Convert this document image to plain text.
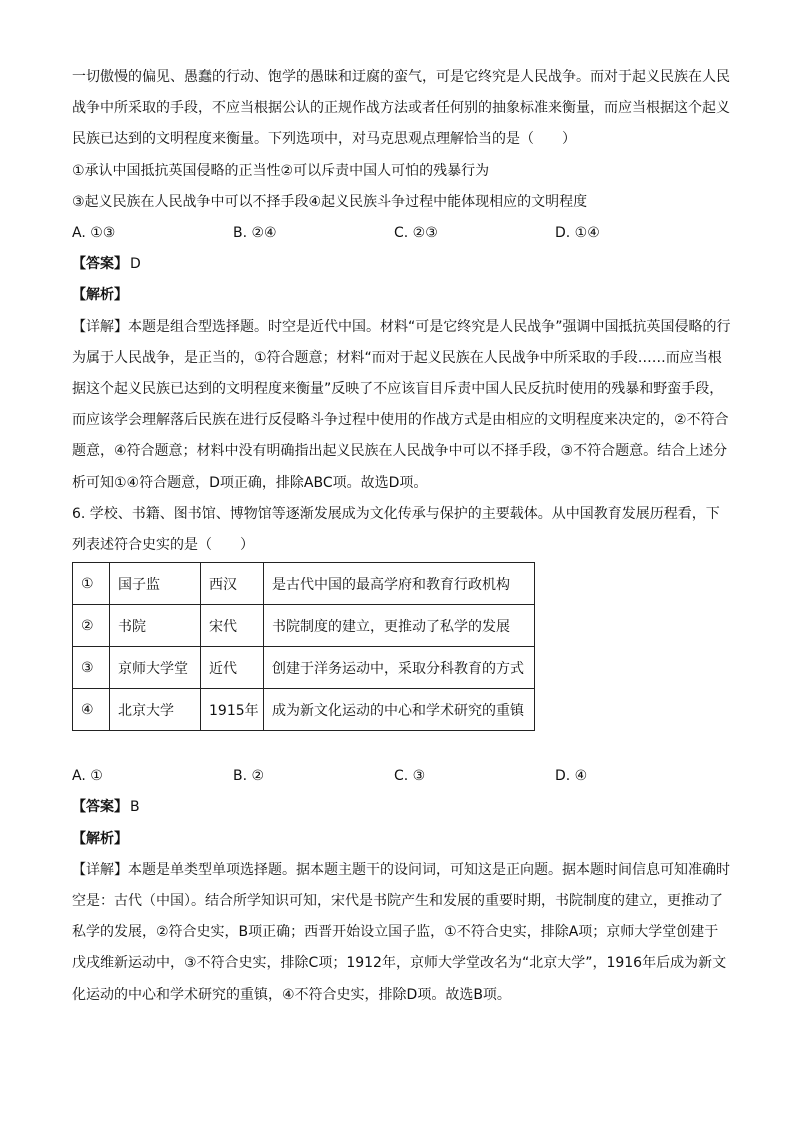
一切傲慢的偏见、愚蠢的行动、饱学的愚昧和迂腐的蛮气，可是它终究是人民战争。而对于起义民族在人民战争中所采取的手段，不应当根据公认的正规作战方法或者任何别的抽象标准来衡量，而应当根据这个起义民族已达到的文明程度来衡量。下列选项中，对马克思观点理解恰当的是（　　）

①承认中国抵抗英国侵略的正当性②可以斥责中国人可怕的残暴行为
③起义民族在人民战争中可以不择手段④起义民族斗争过程中能体现相应的文明程度
A. ①③	B. ②④	C. ②③	D. ①④
【答案】 D
【解析】

【详解】本题是组合型选择题。时空是近代中国。材料“可是它终究是人民战争”强调中国抵抗英国侵略的行为属于人民战争，是正当的，①符合题意；材料“而对于起义民族在人民战争中所采取的手段……而应当根据这个起义民族已达到的文明程度来衡量”反映了不应该盲目斥责中国人民反抗时使用的残暴和野蛮手段，而应该学会理解落后民族在进行反侵略斗争过程中使用的作战方式是由相应的文明程度来决定的，②不符合题意，④符合题意；材料中没有明确指出起义民族在人民战争中可以不择手段，③不符合题意。结合上述分析可知①④符合题意，D项正确，排除ABC项。故选D项。

6. 学校、书籍、图书馆、博物馆等逐渐发展成为文化传承与保护的主要载体。从中国教育发展历程看，下列表述符合史实的是（　　）

①	国子监	西汉	是古代中国的最高学府和教育行政机构
②	书院	宋代	书院制度的建立，更推动了私学的发展
③	京师大学堂	近代	创建于洋务运动中，采取分科教育的方式
④	北京大学	1915年	成为新文化运动的中心和学术研究的重镇
A. ①	B. ②	C. ③	D. ④
【答案】 B
【解析】

【详解】本题是单类型单项选择题。据本题主题干的设问词，可知这是正向题。据本题时间信息可知准确时空是：古代（中国）。结合所学知识可知，宋代是书院产生和发展的重要时期，书院制度的建立，更推动了私学的发展，②符合史实，B项正确；西晋开始设立国子监，①不符合史实，排除A项；京师大学堂创建于戊戌维新运动中，③不符合史实，排除C项；1912年，京师大学堂改名为“北京大学”，1916年后成为新文化运动的中心和学术研究的重镇，④不符合史实，排除D项。故选B项。
